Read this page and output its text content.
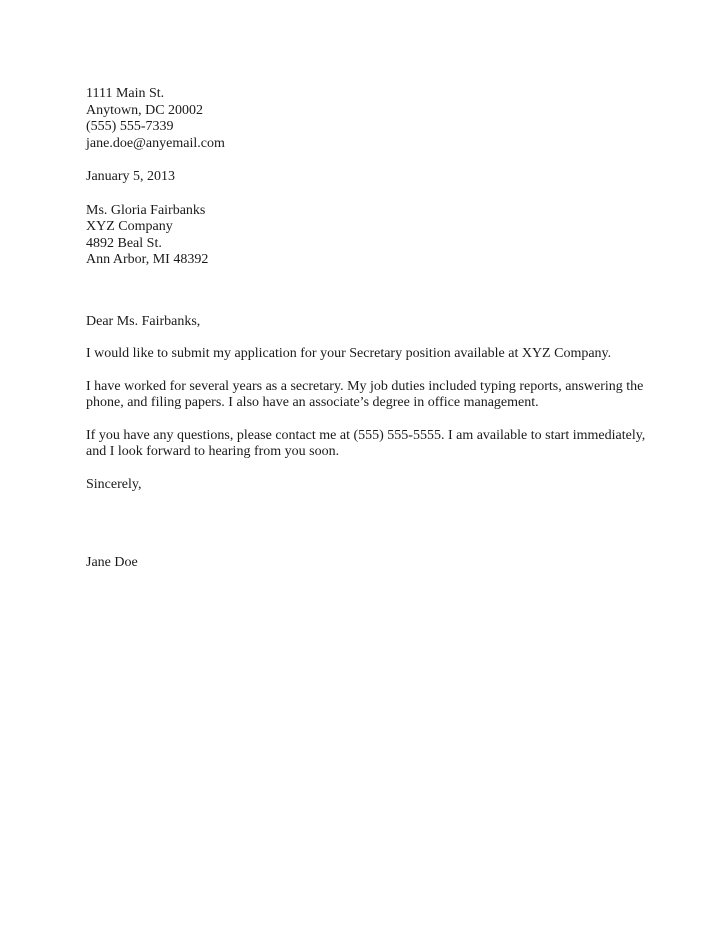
1111 Main St.
Anytown, DC 20002
(555) 555-7339
jane.doe@anyemail.com
January 5, 2013
Ms. Gloria Fairbanks
XYZ Company
4892 Beal St.
Ann Arbor, MI 48392
Dear Ms. Fairbanks,
I would like to submit my application for your Secretary position available at XYZ Company.
I have worked for several years as a secretary. My job duties included typing reports, answering the phone, and filing papers. I also have an associate’s degree in office management.
If you have any questions, please contact me at (555) 555-5555. I am available to start immediately, and I look forward to hearing from you soon.
Sincerely,
Jane Doe
